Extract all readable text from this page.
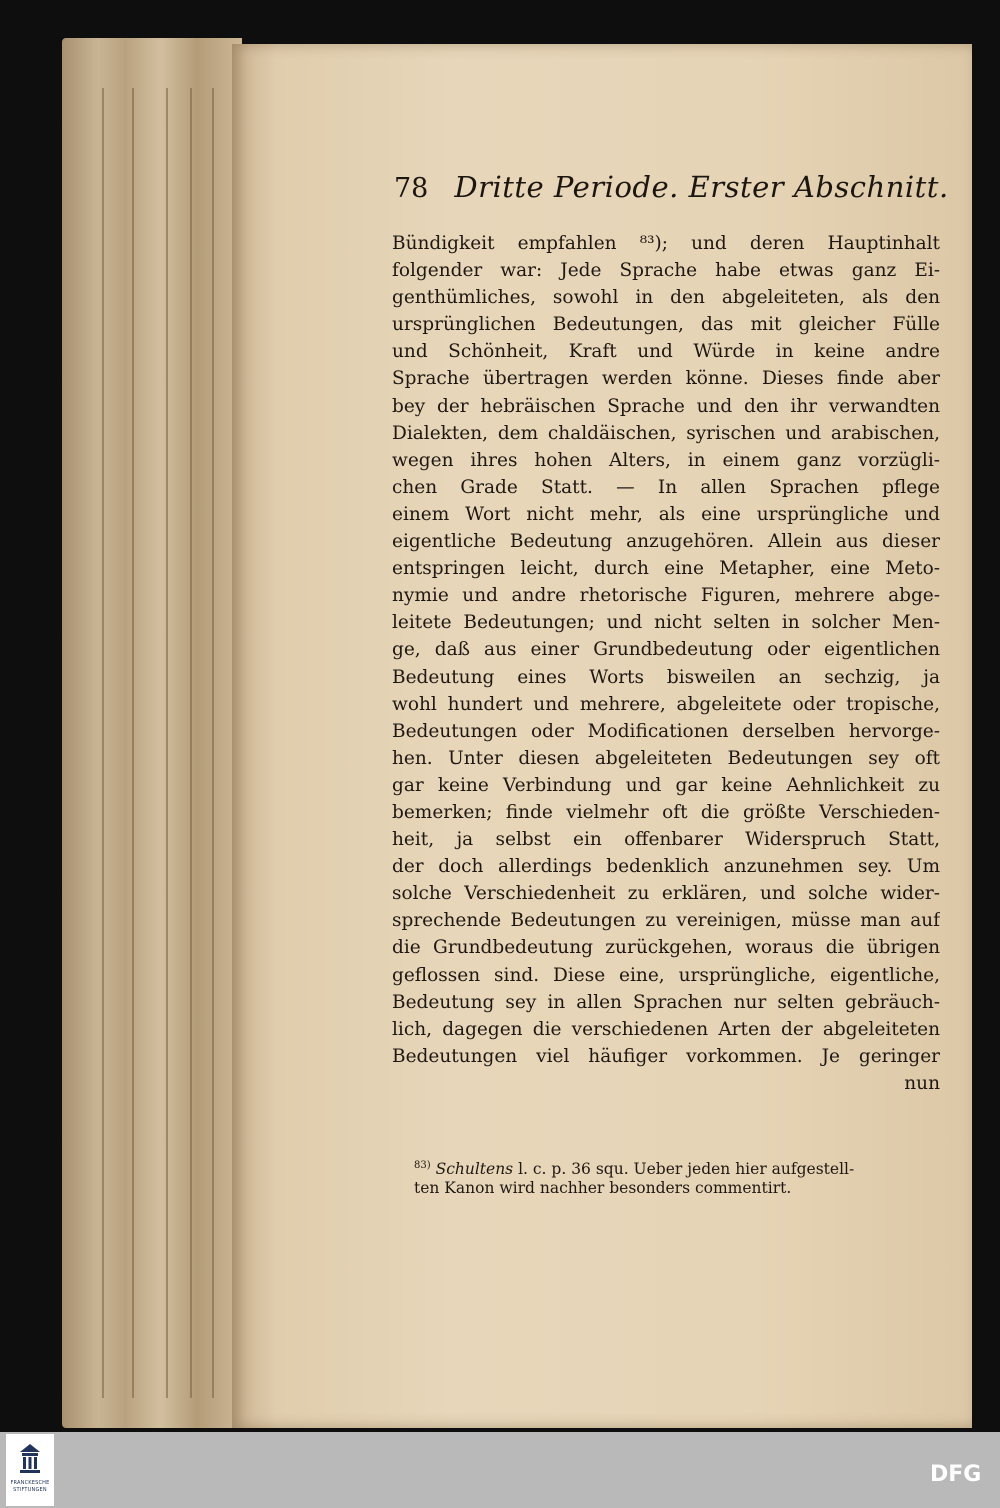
78 Dritte Periode. Erster Abschnitt.
Bündigkeit empfahlen ⁸³); und deren Hauptinhalt
folgender war: Jede Sprache habe etwas ganz Ei-
genthümliches, sowohl in den abgeleiteten, als den
ursprünglichen Bedeutungen, das mit gleicher Fülle
und Schönheit, Kraft und Würde in keine andre
Sprache übertragen werden könne. Dieses finde aber
bey der hebräischen Sprache und den ihr verwandten
Dialekten, dem chaldäischen, syrischen und arabischen,
wegen ihres hohen Alters, in einem ganz vorzügli-
chen Grade Statt. — In allen Sprachen pflege
einem Wort nicht mehr, als eine ursprüngliche und
eigentliche Bedeutung anzugehören. Allein aus dieser
entspringen leicht, durch eine Metapher, eine Meto-
nymie und andre rhetorische Figuren, mehrere abge-
leitete Bedeutungen; und nicht selten in solcher Men-
ge, daß aus einer Grundbedeutung oder eigentlichen
Bedeutung eines Worts bisweilen an sechzig, ja
wohl hundert und mehrere, abgeleitete oder tropische,
Bedeutungen oder Modificationen derselben hervorge-
hen. Unter diesen abgeleiteten Bedeutungen sey oft
gar keine Verbindung und gar keine Aehnlichkeit zu
bemerken; finde vielmehr oft die größte Verschieden-
heit, ja selbst ein offenbarer Widerspruch Statt,
der doch allerdings bedenklich anzunehmen sey. Um
solche Verschiedenheit zu erklären, und solche wider-
sprechende Bedeutungen zu vereinigen, müsse man auf
die Grundbedeutung zurückgehen, woraus die übrigen
geflossen sind. Diese eine, ursprüngliche, eigentliche,
Bedeutung sey in allen Sprachen nur selten gebräuch-
lich, dagegen die verschiedenen Arten der abgeleiteten
Bedeutungen viel häufiger vorkommen. Je geringer
nun
$^{83)}$ Schultens l. c. p. 36 squ. Ueber jeden hier aufgestell-
ten Kanon wird nachher besonders commentirt.
FRANCKESCHE STIFTUNGEN
DFG
